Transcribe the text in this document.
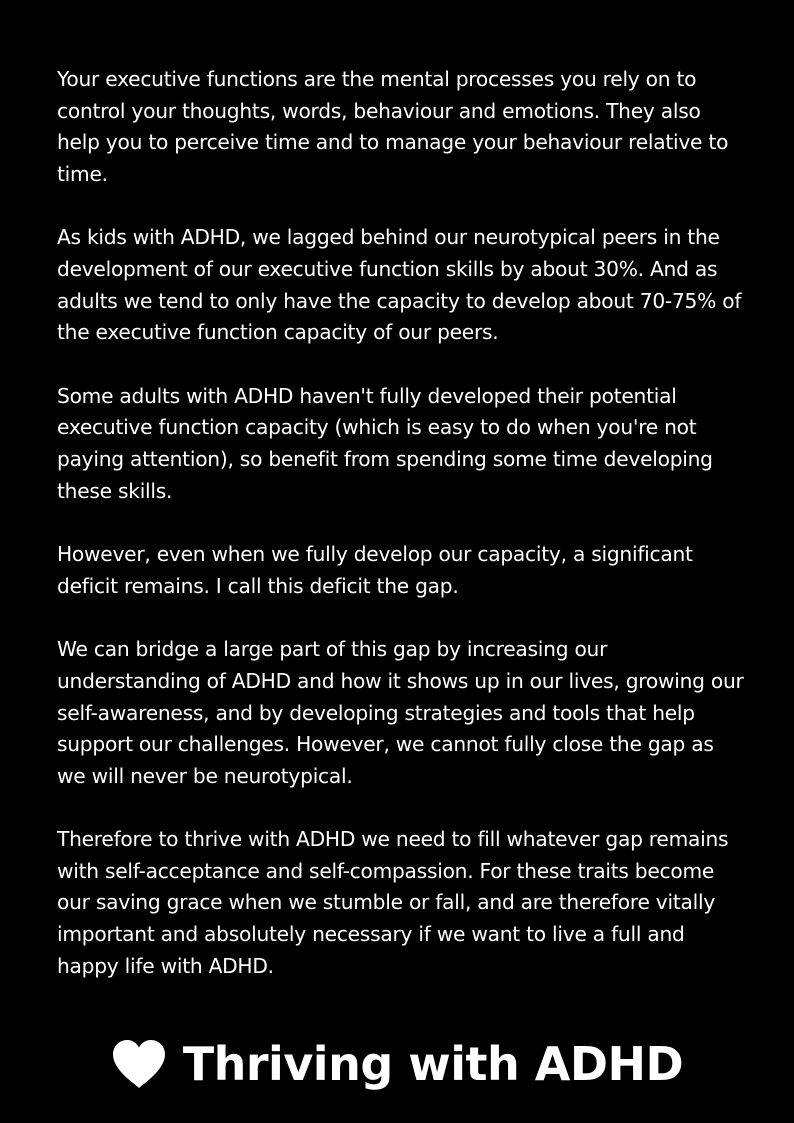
Your executive functions are the mental processes you rely on to control your thoughts, words, behaviour and emotions. They also help you to perceive time and to manage your behaviour relative to time.

As kids with ADHD, we lagged behind our neurotypical peers in the development of our executive function skills by about 30%. And as adults we tend to only have the capacity to develop about 70-75% of the executive function capacity of our peers.

Some adults with ADHD haven't fully developed their potential executive function capacity (which is easy to do when you're not paying attention), so benefit from spending some time developing these skills.

However, even when we fully develop our capacity, a significant deficit remains. I call this deficit the gap.

We can bridge a large part of this gap by increasing our understanding of ADHD and how it shows up in our lives, growing our self-awareness, and by developing strategies and tools that help support our challenges. However, we cannot fully close the gap as we will never be neurotypical.

Therefore to thrive with ADHD we need to fill whatever gap remains with self-acceptance and self-compassion. For these traits become our saving grace when we stumble or fall, and are therefore vitally important and absolutely necessary if we want to live a full and happy life with ADHD.

Thriving with ADHD
